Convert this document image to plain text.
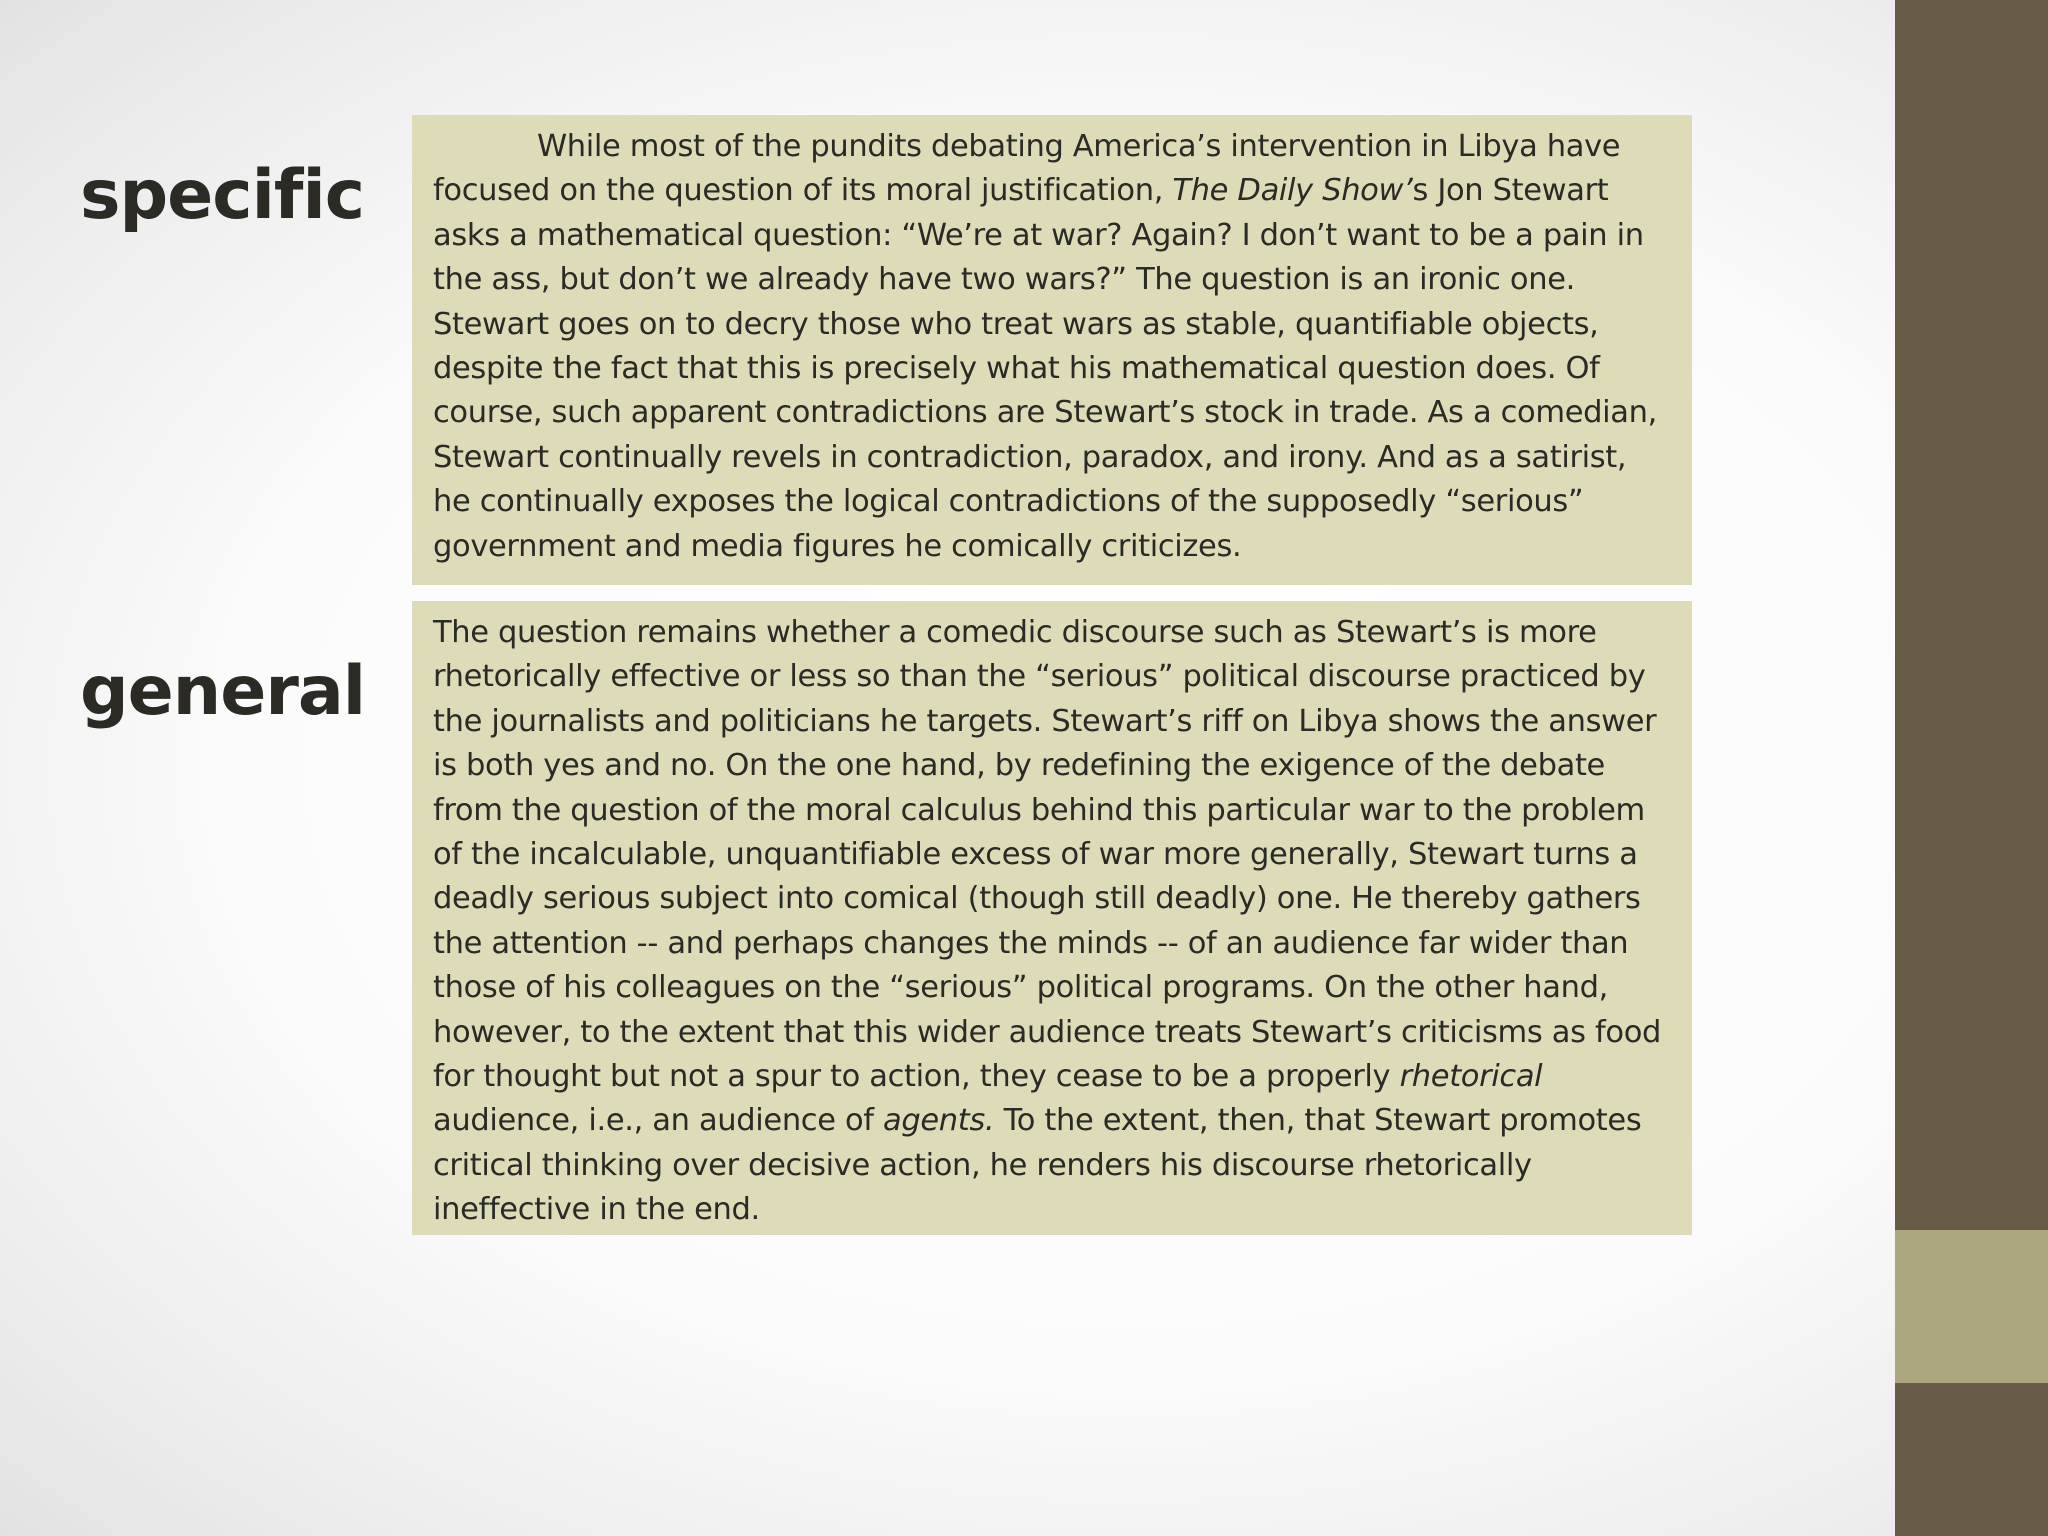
specific

While most of the pundits debating America’s intervention in Libya have focused on the question of its moral justification, The Daily Show’s Jon Stewart asks a mathematical question: “We’re at war? Again? I don’t want to be a pain in the ass, but don’t we already have two wars?” The question is an ironic one. Stewart goes on to decry those who treat wars as stable, quantifiable objects, despite the fact that this is precisely what his mathematical question does. Of course, such apparent contradictions are Stewart’s stock in trade. As a comedian, Stewart continually revels in contradiction, paradox, and irony. And as a satirist, he continually exposes the logical contradictions of the supposedly “serious” government and media figures he comically criticizes.

general

The question remains whether a comedic discourse such as Stewart’s is more rhetorically effective or less so than the “serious” political discourse practiced by the journalists and politicians he targets. Stewart’s riff on Libya shows the answer is both yes and no. On the one hand, by redefining the exigence of the debate from the question of the moral calculus behind this particular war to the problem of the incalculable, unquantifiable excess of war more generally, Stewart turns a deadly serious subject into comical (though still deadly) one. He thereby gathers the attention -- and perhaps changes the minds -- of an audience far wider than those of his colleagues on the “serious” political programs. On the other hand, however, to the extent that this wider audience treats Stewart’s criticisms as food for thought but not a spur to action, they cease to be a properly rhetorical audience, i.e., an audience of agents. To the extent, then, that Stewart promotes critical thinking over decisive action, he renders his discourse rhetorically ineffective in the end.
